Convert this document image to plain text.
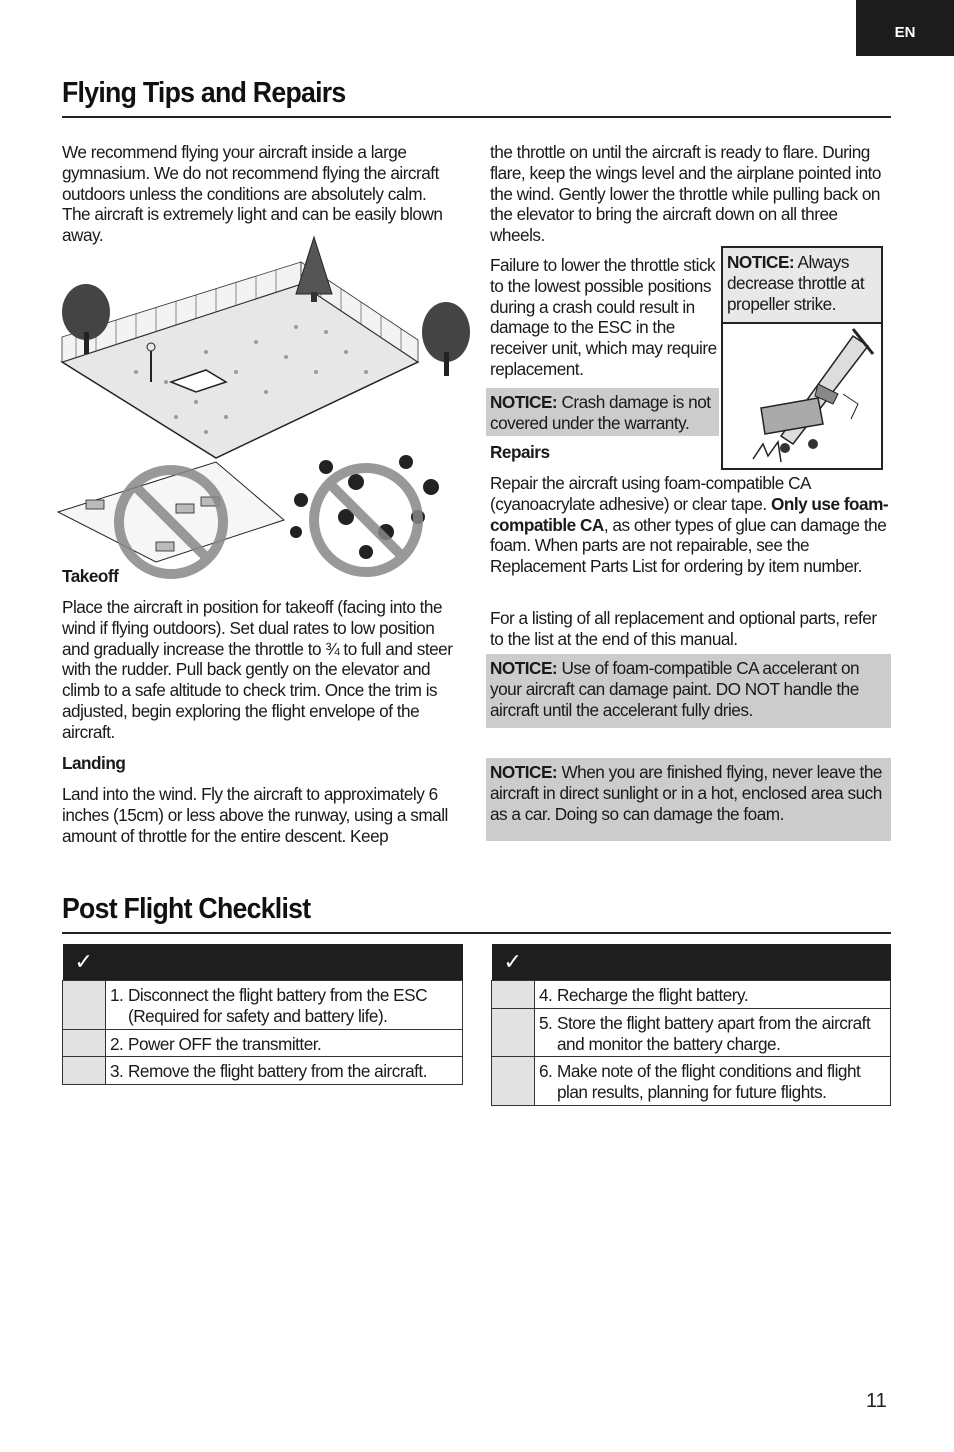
EN
Flying Tips and Repairs
We recommend flying your aircraft inside a large gymnasium. We do not recommend flying the aircraft outdoors unless the conditions are absolutely calm. The aircraft is extremely light and can be easily blown away.
Takeoff
Place the aircraft in position for takeoff (facing into the wind if flying outdoors). Set dual rates to low position and gradually increase the throttle to ¾ to full and steer with the rudder. Pull back gently on the elevator and climb to a safe altitude to check trim. Once the trim is adjusted, begin exploring the flight envelope of the aircraft.
Landing
Land into the wind. Fly the aircraft to approximately 6 inches (15cm) or less above the runway, using a small amount of throttle for the entire descent. Keep
the throttle on until the aircraft is ready to flare. During flare, keep the wings level and the airplane pointed into the wind. Gently lower the throttle while pulling back on the elevator to bring the aircraft down on all three wheels.
Failure to lower the throttle stick to the lowest possible positions during a crash could result in damage to the ESC in the receiver unit, which may require replacement.
NOTICE: Always decrease throttle at propeller strike.
NOTICE: Crash damage is not covered under the warranty.
Repairs
Repair the aircraft using foam-compatible CA (cyanoacrylate adhesive) or clear tape. Only use foam-compatible CA, as other types of glue can damage the foam. When parts are not repairable, see the Replacement Parts List for ordering by item number.
For a listing of all replacement and optional parts, refer to the list at the end of this manual.
NOTICE: Use of foam-compatible CA accelerant on your aircraft can damage paint. DO NOT handle the aircraft until the accelerant fully dries.
NOTICE: When you are finished flying, never leave the aircraft in direct sunlight or in a hot, enclosed area such as a car. Doing so can damage the foam.
Post Flight Checklist
✓	

	1. Disconnect the flight battery from the ESC (Required for safety and battery life).

	2. Power OFF the transmitter.

	3. Remove the flight battery from the aircraft.
✓	

	4. Recharge the flight battery.

	5. Store the flight battery apart from the aircraft and monitor the battery charge.

	6. Make note of the flight conditions and flight plan results, planning for future flights.
11
